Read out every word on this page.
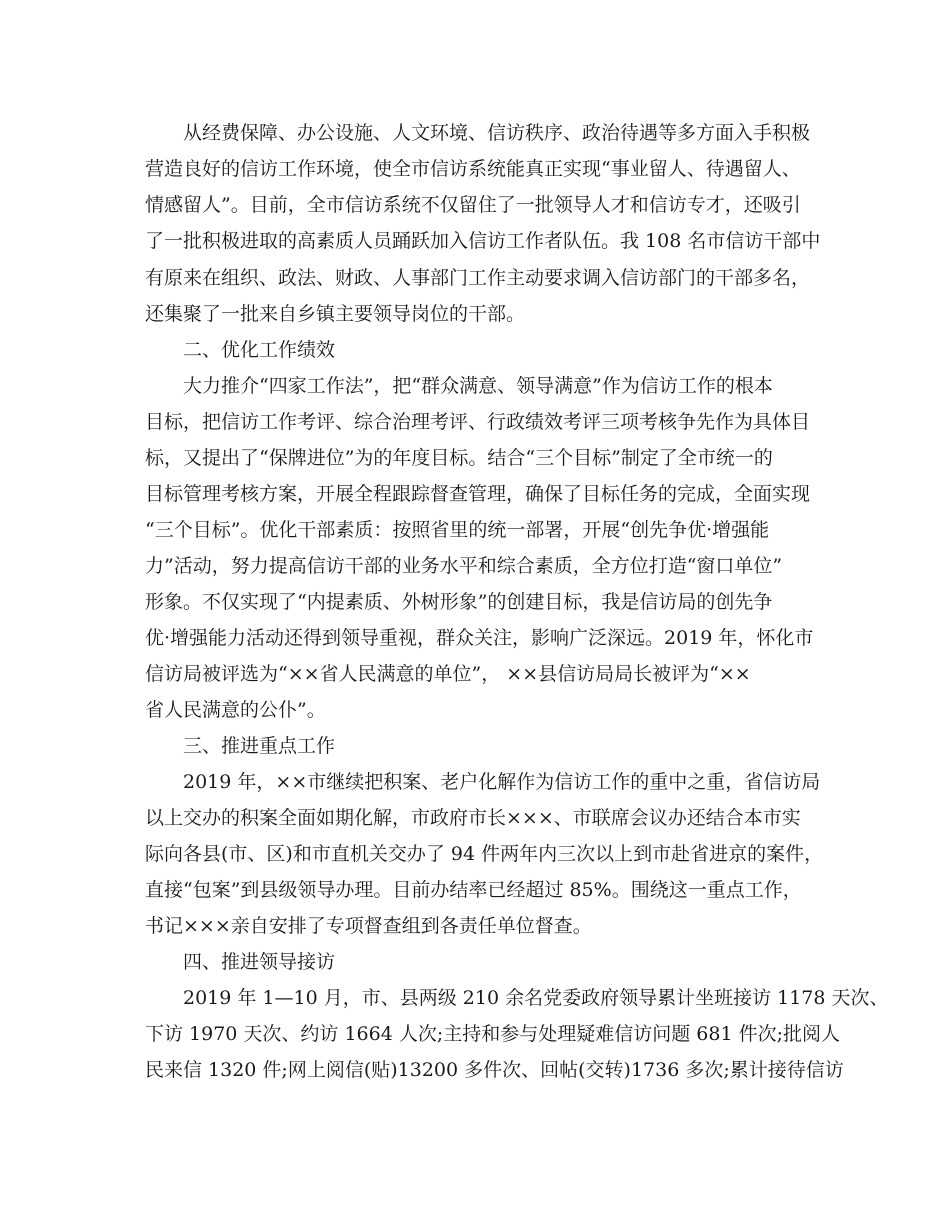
从经费保障、办公设施、人文环境、信访秩序、政治待遇等多方面入手积极
营造良好的信访工作环境，使全市信访系统能真正实现“事业留人、待遇留人、
情感留人”。目前，全市信访系统不仅留住了一批领导人才和信访专才，还吸引
了一批积极进取的高素质人员踊跃加入信访工作者队伍。我 108 名市信访干部中
有原来在组织、政法、财政、人事部门工作主动要求调入信访部门的干部多名，
还集聚了一批来自乡镇主要领导岗位的干部。
二、优化工作绩效
大力推介“四家工作法”，把“群众满意、领导满意”作为信访工作的根本
目标，把信访工作考评、综合治理考评、行政绩效考评三项考核争先作为具体目
标，又提出了“保牌进位”为的年度目标。结合“三个目标”制定了全市统一的
目标管理考核方案，开展全程跟踪督查管理，确保了目标任务的完成，全面实现
“三个目标”。优化干部素质：按照省里的统一部署，开展“创先争优·增强能
力”活动，努力提高信访干部的业务水平和综合素质，全方位打造“窗口单位”
形象。不仅实现了“内提素质、外树形象”的创建目标，我是信访局的创先争
优·增强能力活动还得到领导重视，群众关注，影响广泛深远。2019 年，怀化市
信访局被评选为“××省人民满意的单位”， ××县信访局局长被评为“××
省人民满意的公仆”。
三、推进重点工作
2019 年，××市继续把积案、老户化解作为信访工作的重中之重，省信访局
以上交办的积案全面如期化解，市政府市长×××、市联席会议办还结合本市实
际向各县(市、区)和市直机关交办了 94 件两年内三次以上到市赴省进京的案件，
直接“包案”到县级领导办理。目前办结率已经超过 85%。围绕这一重点工作，
书记×××亲自安排了专项督查组到各责任单位督查。
四、推进领导接访
2019 年 1—10 月，市、县两级 210 余名党委政府领导累计坐班接访 1178 天次、
下访 1970 天次、约访 1664 人次;主持和参与处理疑难信访问题 681 件次;批阅人
民来信 1320 件;网上阅信(贴)13200 多件次、回帖(交转)1736 多次;累计接待信访
